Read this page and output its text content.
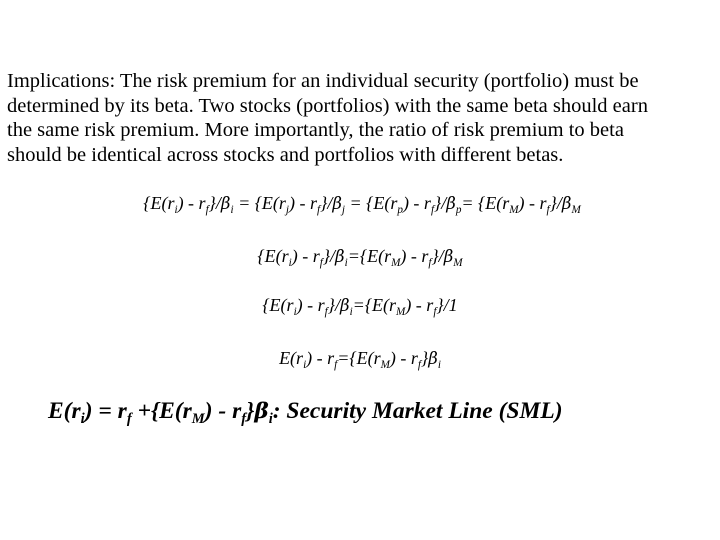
Implications: The risk premium for an individual security (portfolio) must be
determined by its beta. Two stocks (portfolios) with the same beta should earn
the same risk premium. More importantly, the ratio of risk premium to beta
should be identical across stocks and portfolios with different betas.

$\{E(r_i) - r_f\}/\beta_i = \{E(r_j) - r_f\}/\beta_j = \{E(r_p) - r_f\}/\beta_p= \{E(r_M) - r_f\}/\beta_M$
$\{E(r_i) - r_f\}/\beta_i=\{E(r_M) - r_f\}/\beta_M$
$\{E(r_i) - r_f\}/\beta_i=\{E(r_M) - r_f\}/1$
$E(r_i) - r_f=\{E(r_M) - r_f\}\beta_i$
$E(r_i) = r_f +\{E(r_M) - r_f\}\beta_i$: Security Market Line (SML)
